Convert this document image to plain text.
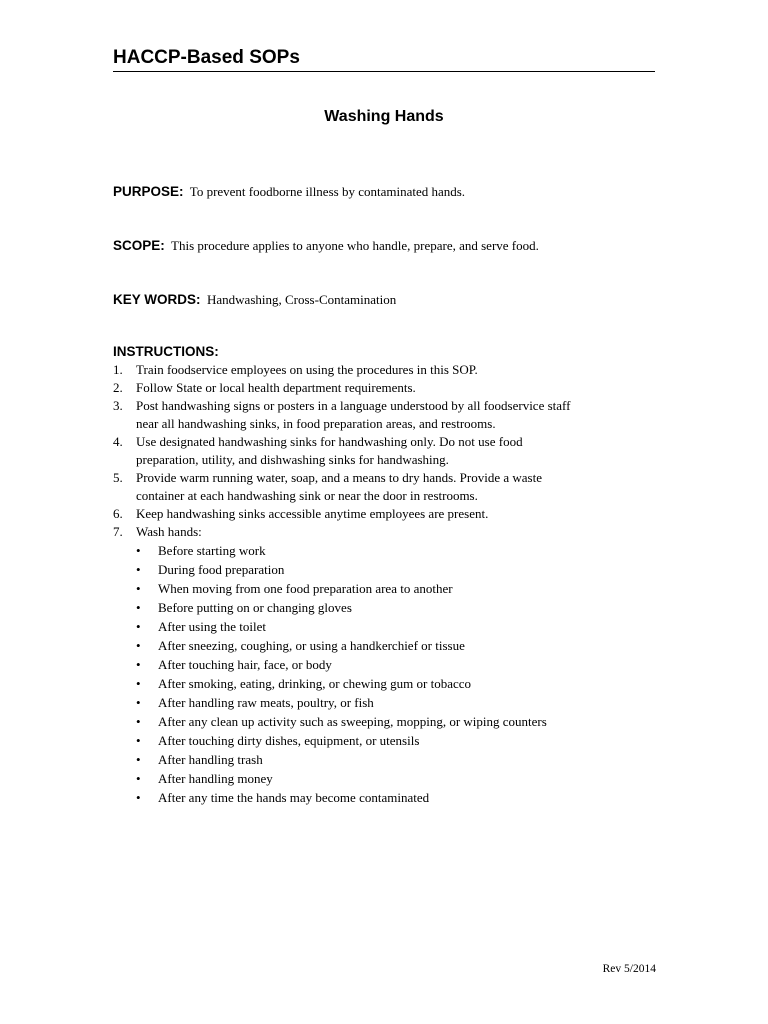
HACCP-Based SOPs
Washing Hands
PURPOSE: To prevent foodborne illness by contaminated hands.
SCOPE: This procedure applies to anyone who handle, prepare, and serve food.
KEY WORDS: Handwashing, Cross-Contamination
INSTRUCTIONS:
1. Train foodservice employees on using the procedures in this SOP.
2. Follow State or local health department requirements.
3. Post handwashing signs or posters in a language understood by all foodservice staff
near all handwashing sinks, in food preparation areas, and restrooms.
4. Use designated handwashing sinks for handwashing only. Do not use food
preparation, utility, and dishwashing sinks for handwashing.
5. Provide warm running water, soap, and a means to dry hands. Provide a waste
container at each handwashing sink or near the door in restrooms.
6. Keep handwashing sinks accessible anytime employees are present.
7. Wash hands:
• Before starting work
• During food preparation
• When moving from one food preparation area to another
• Before putting on or changing gloves
• After using the toilet
• After sneezing, coughing, or using a handkerchief or tissue
• After touching hair, face, or body
• After smoking, eating, drinking, or chewing gum or tobacco
• After handling raw meats, poultry, or fish
• After any clean up activity such as sweeping, mopping, or wiping counters
• After touching dirty dishes, equipment, or utensils
• After handling trash
• After handling money
• After any time the hands may become contaminated
Rev 5/2014
